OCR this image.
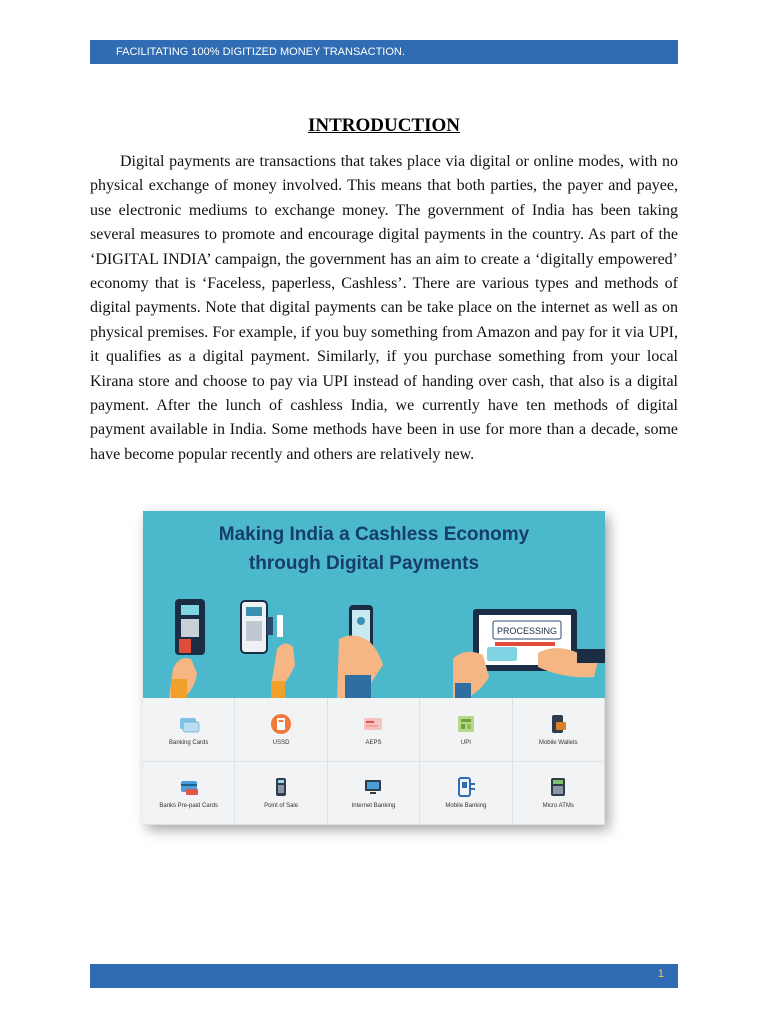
FACILITATING 100% DIGITIZED MONEY TRANSACTION.
INTRODUCTION

Digital payments are transactions that takes place via digital or online modes, with no physical exchange of money involved. This means that both parties, the payer and payee, use electronic mediums to exchange money. The government of India has been taking several measures to promote and encourage digital payments in the country. As part of the ‘DIGITAL INDIA’ campaign, the government has an aim to create a ‘digitally empowered’ economy that is ‘Faceless, paperless, Cashless’. There are various types and methods of digital payments. Note that digital payments can be take place on the internet as well as on physical premises. For example, if you buy something from Amazon and pay for it via UPI, it qualifies as a digital payment. Similarly, if you purchase something from your local Kirana store and choose to pay via UPI instead of handing over cash, that also is a digital payment. After the lunch of cashless India, we currently have ten methods of digital payment available in India. Some methods have been in use for more than a decade, some have become popular recently and others are relatively new.

Making India a Cashless Economy
through Digital Payments
PROCESSING
Banking Cards	USSD	AEPS	UPI	Mobile Wallets
Banks Pre-paid Cards	Point of Sale	Internet Banking	Mobile Banking	Micro ATMs
1
